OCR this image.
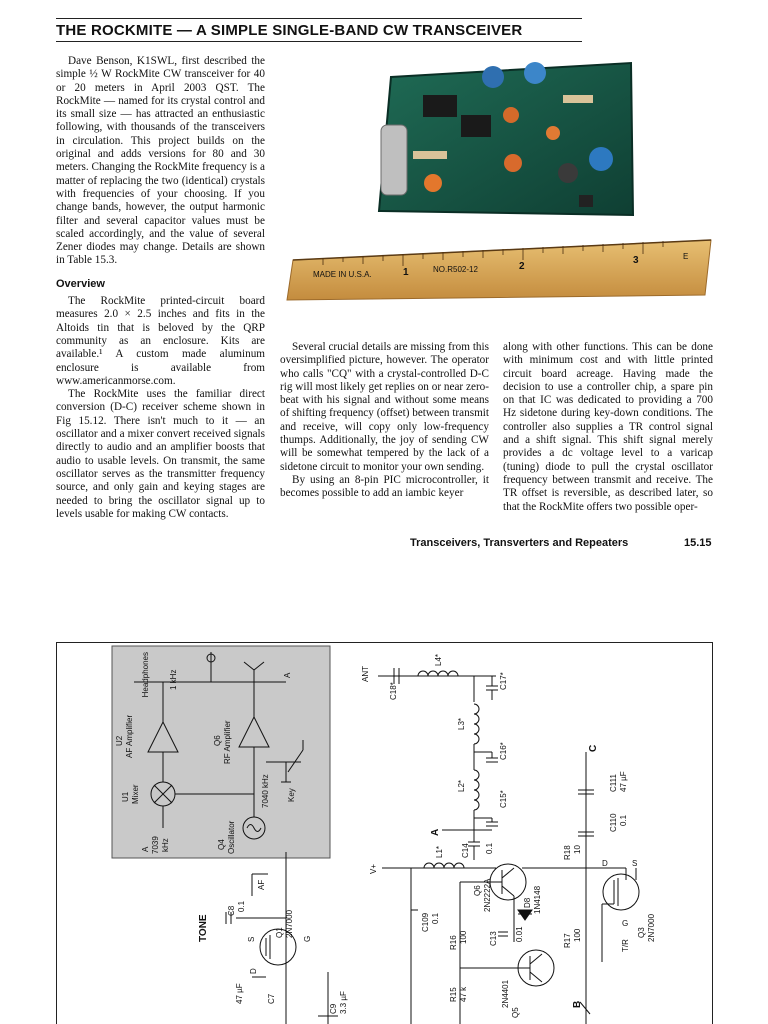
THE ROCKMITE — A SIMPLE SINGLE-BAND CW TRANSCEIVER

Dave Benson, K1SWL, first described the simple ½ W RockMite CW transceiver for 40 or 20 meters in April 2003 QST. The RockMite — named for its crystal control and its small size — has attracted an enthusiastic following, with thousands of the transceivers in circulation. This project builds on the original and adds versions for 80 and 30 meters. Changing the RockMite frequency is a matter of replacing the two (identical) crystals with frequencies of your choosing. If you change bands, however, the output harmonic filter and several capacitor values must be scaled accordingly, and the value of several Zener diodes may change. Details are shown in Table 15.3.

Overview

The RockMite printed-circuit board measures 2.0 × 2.5 inches and fits in the Altoids tin that is beloved by the QRP community as an enclosure. Kits are available.¹ A custom made aluminum enclosure is available from www.americanmorse.com.

The RockMite uses the familiar direct conversion (D-C) receiver scheme shown in Fig 15.12. There isn't much to it — an oscillator and a mixer convert received signals directly to audio and an amplifier boosts that audio to usable levels. On transmit, the same oscillator serves as the transmitter frequency source, and only gain and keying stages are needed to bring the oscillator signal up to levels usable for making CW contacts.

MADE IN U.S.A.	1	NO.R502-12	2
3	E

Several crucial details are missing from this oversimplified picture, however. The operator who calls "CQ" with a crystal-controlled D-C rig will most likely get replies on or near zero-beat with his signal and without some means of shifting frequency (offset) between transmit and receive, will copy only low-frequency thumps. Additionally, the joy of sending CW will be somewhat tempered by the lack of a sidetone circuit to monitor your own sending.

By using an 8-pin PIC microcontroller, it becomes possible to add an iambic keyer

along with other functions. This can be done with minimum cost and with little printed circuit board acreage. Having made the decision to use a controller chip, a spare pin on that IC was dedicated to providing a 700 Hz sidetone during key-down conditions. The controller also supplies a TR control signal and a shift signal. This shift signal merely provides a dc voltage level to a varicap (tuning) diode to pull the crystal oscillator frequency between transmit and receive. The TR offset is reversible, as described later, so that the RockMite offers two possible oper-

Transceivers, Transverters and Repeaters	15.15
Headphones 1 kHz
U2 AF Amplifier	Q6 RF Amplifier
A
U1 Mixer	Key
A 7039 kHz	Q4 Oscillator
7040 kHz
ANT
C18*
L4*
C17*
L3*
C16*
L2*
C15*
A
C14 0.1
L1*
V+
C109 0.1
Q6 2N2222A	D8 1N4148
R16 100	C13 0.01
R15 47 k
Q5
2N4401
C
C111 47 µF
C110 0.1
R18 10
R17 100
D	S
G
Q3 2N7000
T/R
B
TONE
C8 0.1
AF
Q1 2N7000
S	G
D
47 µF	C7
C9 3.3 µF
